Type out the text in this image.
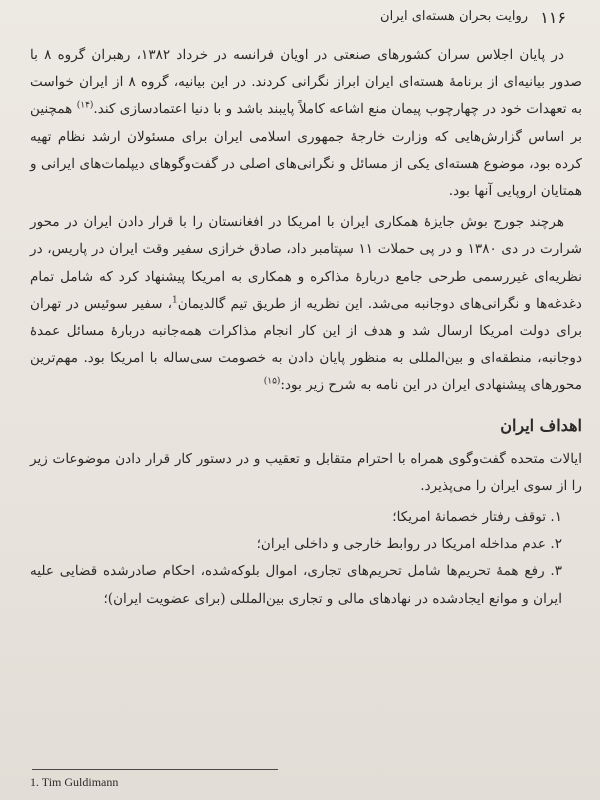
۱۱۶
روایت بحران هسته‌ای ایران

در پایان اجلاس سران کشورهای صنعتی در اویان فرانسه در خرداد ۱۳۸۲، رهبران گروه ۸ با صدور بیانیه‌ای از برنامهٔ هسته‌ای ایران ابراز نگرانی کردند. در این بیانیه، گروه ۸ از ایران خواست به تعهدات خود در چهارچوب پیمان منع اشاعه کاملاً پایبند باشد و با دنیا اعتمادسازی کند.$^{(۱۴)}$ همچنین بر اساس گزارش‌هایی که وزارت خارجهٔ جمهوری اسلامی ایران برای مسئولان ارشد نظام تهیه کرده بود، موضوع هسته‌ای یکی از مسائل و نگرانی‌های اصلی در گفت‌وگوهای دیپلمات‌های ایرانی و همتایان اروپایی آنها بود.

هرچند جورج بوش جایزهٔ همکاری ایران با امریکا در افغانستان را با قرار دادن ایران در محور شرارت در دی ۱۳۸۰ و در پی حملات ۱۱ سپتامبر داد، صادق خرازی سفیر وقت ایران در پاریس، در نظریه‌ای غیررسمی طرحی جامع دربارهٔ مذاکره و همکاری به امریکا پیشنهاد کرد که شامل تمام دغدغه‌ها و نگرانی‌های دوجانبه می‌شد. این نظریه از طریق تیم گالدیمان$^1$، سفیر سوئیس در تهران برای دولت امریکا ارسال شد و هدف از این کار انجام مذاکرات همه‌جانبه دربارهٔ مسائل عمدهٔ دوجانبه، منطقه‌ای و بین‌المللی به منظور پایان دادن به خصومت سی‌ساله با امریکا بود. مهم‌ترین محورهای پیشنهادی ایران در این نامه به شرح زیر بود:$^{(۱۵)}$

اهداف ایران

ایالات متحده گفت‌وگوی همراه با احترام متقابل و تعقیب و در دستور کار قرار دادن موضوعات زیر را از سوی ایران را می‌پذیرد.

۱. توقف رفتار خصمانهٔ امریکا؛

۲. عدم مداخله امریکا در روابط خارجی و داخلی ایران؛

۳. رفع همهٔ تحریم‌ها شامل تحریم‌های تجاری، اموال بلوکه‌شده، احکام صادرشده قضایی علیه ایران و موانع ایجادشده در نهادهای مالی و تجاری بین‌المللی (برای عضویت ایران)؛

1. Tim Guldimann
